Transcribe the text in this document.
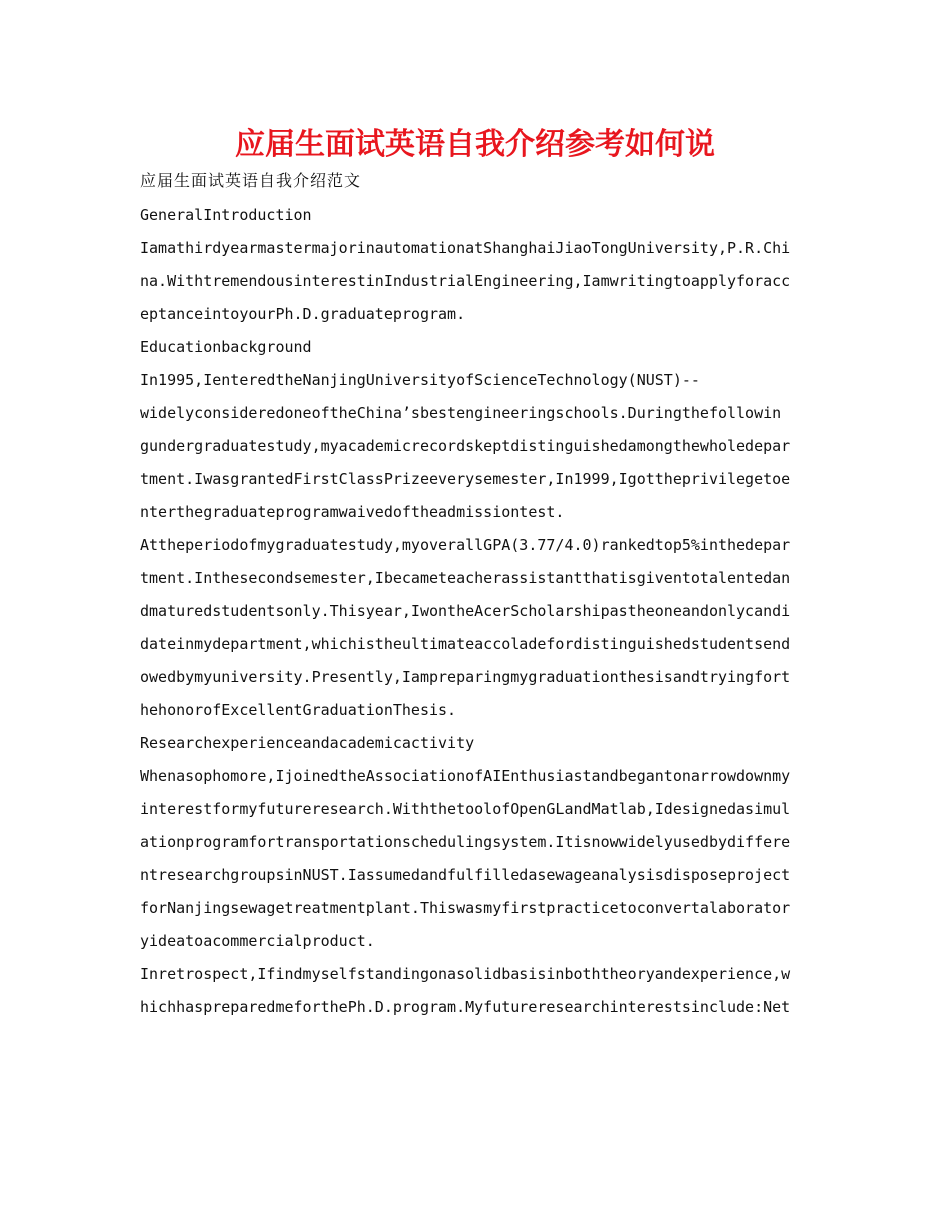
应届生面试英语自我介绍参考如何说
应届生面试英语自我介绍范文
GeneralIntroduction
IamathirdyearmastermajorinautomationatShanghaiJiaoTongUniversity,P.R.Chi
na.WithtremendousinterestinIndustrialEngineering,Iamwritingtoapplyforacc
eptanceintoyourPh.D.graduateprogram.
Educationbackground
In1995,IenteredtheNanjingUniversityofScienceTechnology(NUST)--
widelyconsideredoneoftheChina’sbestengineeringschools.Duringthefollowin
gundergraduatestudy,myacademicrecordskeptdistinguishedamongthewholedepar
tment.IwasgrantedFirstClassPrizeeverysemester,In1999,Igottheprivilegetoe
nterthegraduateprogramwaivedoftheadmissiontest.
Attheperiodofmygraduatestudy,myoverallGPA(3.77/4.0)rankedtop5%inthedepar
tment.Inthesecondsemester,Ibecameteacherassistantthatisgiventotalentedan
dmaturedstudentsonly.Thisyear,IwontheAcerScholarshipastheoneandonlycandi
dateinmydepartment,whichistheultimateaccoladefordistinguishedstudentsend
owedbymyuniversity.Presently,Iampreparingmygraduationthesisandtryingfort
hehonorofExcellentGraduationThesis.
Researchexperienceandacademicactivity
Whenasophomore,IjoinedtheAssociationofAIEnthusiastandbegantonarrowdownmy
interestformyfutureresearch.WiththetoolofOpenGLandMatlab,Idesignedasimul
ationprogramfortransportationschedulingsystem.Itisnowwidelyusedbydiffere
ntresearchgroupsinNUST.Iassumedandfulfilledasewageanalysisdisposeproject
forNanjingsewagetreatmentplant.Thiswasmyfirstpracticetoconvertalaborator
yideatoacommercialproduct.
Inretrospect,Ifindmyselfstandingonasolidbasisinboththeoryandexperience,w
hichhaspreparedmeforthePh.D.program.Myfutureresearchinterestsinclude:Net
